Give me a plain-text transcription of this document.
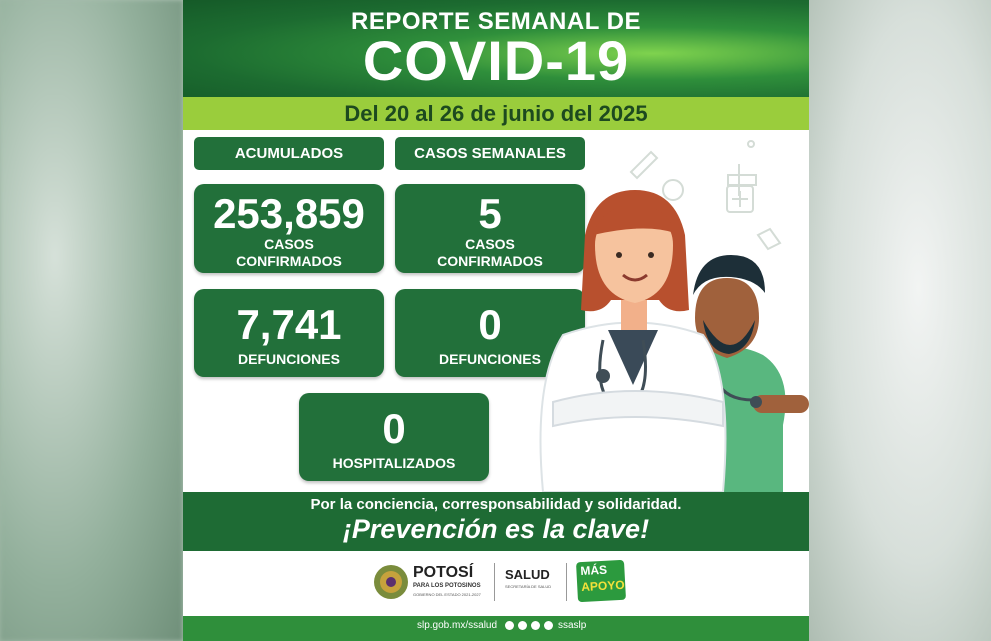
REPORTE SEMANAL DE
COVID-19
Del 20 al 26 de junio del 2025
ACUMULADOS	CASOS SEMANALES
253,859
CASOS
CONFIRMADOS
5
CASOS
CONFIRMADOS
7,741
DEFUNCIONES
0
DEFUNCIONES
0
HOSPITALIZADOS
Por la conciencia, corresponsabilidad y solidaridad.
¡Prevención es la clave!
POTOSÍ
PARA LOS POTOSINOS
GOBIERNO DEL ESTADO 2021-2027
SALUD
SECRETARÍA DE SALUD
MÁS
APOYO
slp.gob.mx/ssalud	ssaslp
